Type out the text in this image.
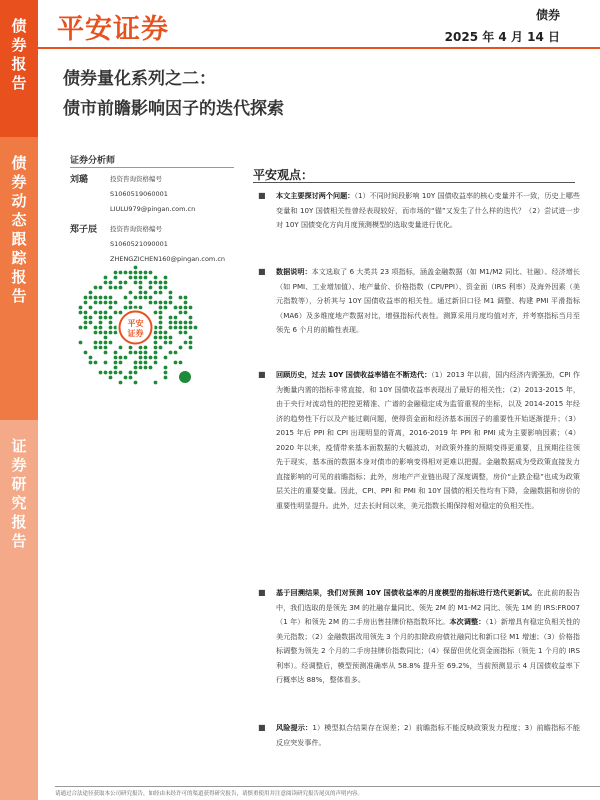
债券报告
债券动态跟踪报告
证券研究报告
平安证券	债券
2025 年 4 月 14 日
债券量化系列之二：
债市前瞻影响因子的迭代探索
证券分析师
刘璐	投资咨询资格编号
S1060519060001
LIULU979@pingan.com.cn
郑子辰 投资咨询资格编号
S1060521090001
ZHENGZICHEN160@pingan.com.cn
平安
证券
平安观点：
■ 本文主要探讨两个问题：（1）不同时间段影响 10Y 国债收益率的核心变量并不一致，历史上哪些变量和 10Y 国债相关性曾经表现较好，而市场的“锚”又发生了什么样的迭代？（2）尝试进一步对 10Y 国债变化方向月度预测模型的选取变量进行优化。
■ 数据说明：本文选取了 6 大类共 23 项指标，涵盖金融数据（如 M1/M2 同比、社融）、经济增长（如 PMI、工业增加值）、地产量价、价格指数（CPI/PPI）、资金面（IRS 利率）及海外因素（美元指数等），分析其与 10Y 国债收益率的相关性。通过新旧口径 M1 调整、构建 PMI 平滑指标（MA6）及多维度地产数据对比，增强指标代表性。测算采用月度均值对齐，并考察指标当月至领先 6 个月的前瞻性表现。
■ 回顾历史，过去 10Y 国债收益率锚在不断迭代：（1）2013 年以前，国内经济内需强劲，CPI 作为衡量内需的指标非常直接，和 10Y 国债收益率表现出了最好的相关性；（2）2013-2015 年，由于央行对流动性的把控更精准、广谱的金融稳定成为监管重视的坐标，以及 2014-2015 年经济的趋势性下行以及产能过剩问题，使得资金面和经济基本面因子的重要性开始逐渐提升；（3）2015 年后 PPI 和 CPI 出现明显的背离，2016-2019 年 PPI 和 PMI 成为主要影响因素；（4）2020 年以来，疫情带来基本面数据的大幅波动，对政策外推的预期变得更重要，且预期往往领先于现实，基本面的数据本身对债市的影响变得相对更难以把握。金融数据成为受政策直接发力直接影响的可见的前瞻指标；此外，房地产产业链出现了深度调整，房价“止跌企稳”也成为政策层关注的重要变量。因此，CPI、PPI 和 PMI 和 10Y 国债的相关性均有下降，金融数据和房价的重要性明显提升。此外，过去长时间以来，美元指数长期保持相对稳定的负相关性。
■ 基于回溯结果，我们对预测 10Y 国债收益率的月度模型的指标进行迭代更新试。在此前的报告中，我们选取的是领先 3M 的社融存量同比、领先 2M 的 M1-M2 同比、领先 1M 的 IRS:FR007（1 年）和领先 2M 的二手房出售挂牌价格指数环比。本次调整：（1）新增具有稳定负相关性的美元指数；（2）金融数据改用领先 3 个月的扣除政府债社融同比和新口径 M1 增速；（3）价格指标调整为领先 2 个月的二手房挂牌价指数同比；（4）保留但优化资金面指标（领先 1 个月的 IRS 利率）。经调整后，模型预测准确率从 58.8% 提升至 69.2%，当前预测显示 4 月国债收益率下行概率达 88%，整体看多。
■ 风险提示：1）模型拟合结果存在误差；2）前瞻指标不能反映政策发力程度；3）前瞻指标不能反应突发事件。
请通过合法途径获取本公司研究报告，如经由未经许可的渠道获得研究报告，请慎重使用并注意阅读研究报告尾页的声明内容。
